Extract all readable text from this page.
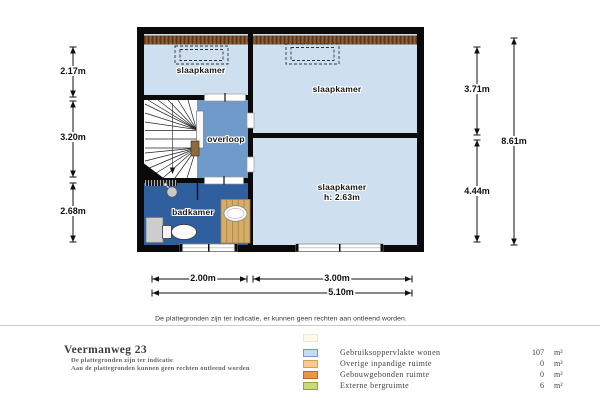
slaapkamer
slaapkamer
overloop
slaapkamer
h: 2.63m
badkamer
2.17m
3.20m
2.68m
3.71m
4.44m
8.61m
2.00m	3.00m
5.10m
De plattegronden zijn ter indicatie, er kunnen geen rechten aan ontleend worden.
Veermanweg 23
De plattegronden zijn ter indicatie
Aan de plattegronden kunnen geen rechten ontleend worden
Gebruiksoppervlakte wonen	107	m²
Overige inpandige ruimte	0	m²
Gebouwgebonden ruimte	0	m²
Externe bergruimte	6	m²
